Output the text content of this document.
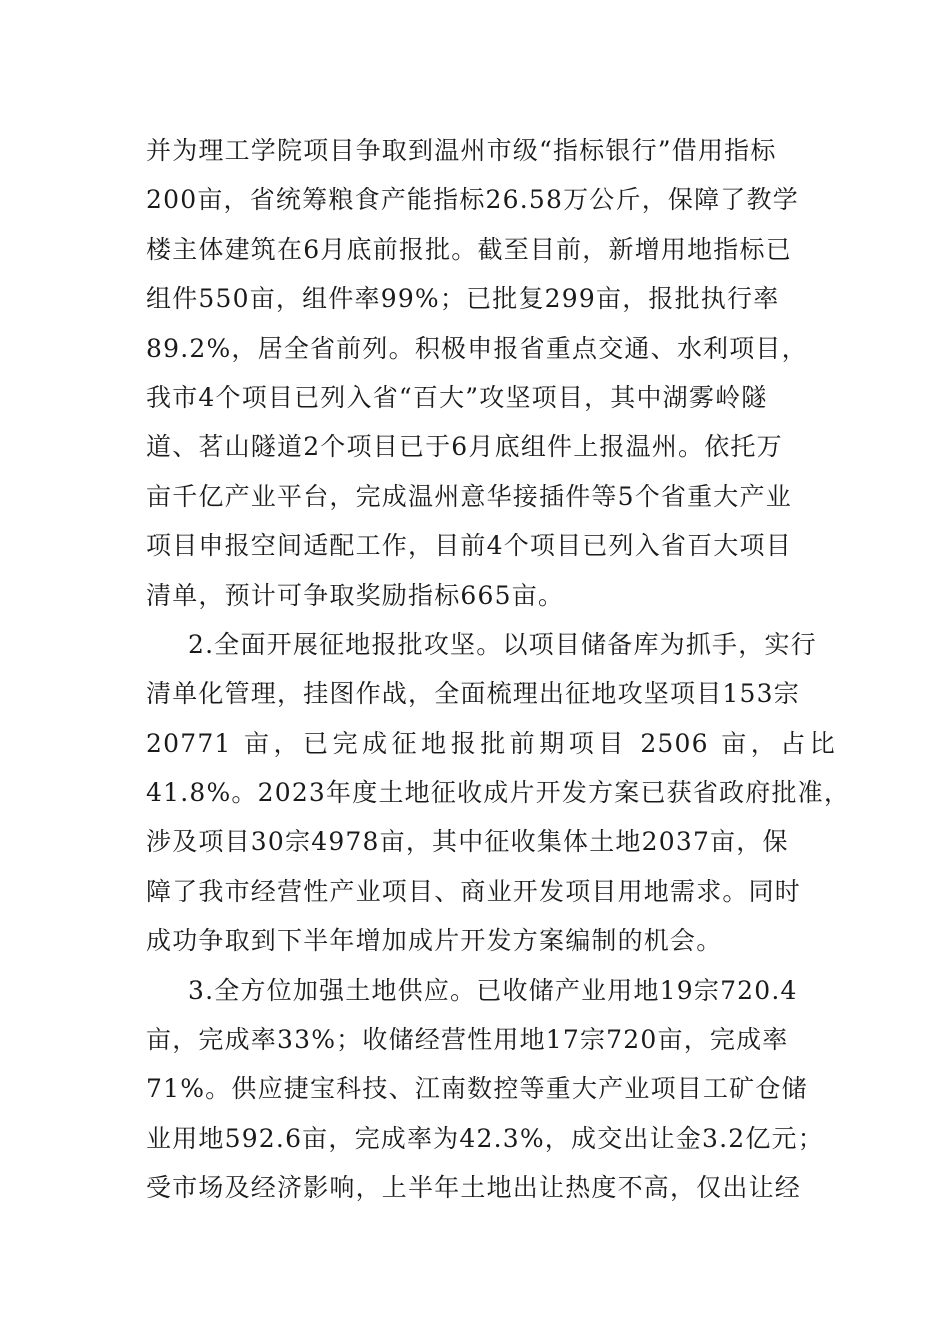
并为理工学院项目争取到温州市级“指标银行”借用指标
200亩，省统筹粮食产能指标26.58万公斤，保障了教学
楼主体建筑在6月底前报批。截至目前，新增用地指标已
组件550亩，组件率99%；已批复299亩，报批执行率
89.2%，居全省前列。积极申报省重点交通、水利项目，
我市4个项目已列入省“百大”攻坚项目，其中湖雾岭隧
道、茗山隧道2个项目已于6月底组件上报温州。依托万
亩千亿产业平台，完成温州意华接插件等5个省重大产业
项目申报空间适配工作，目前4个项目已列入省百大项目
清单，预计可争取奖励指标665亩。
2.全面开展征地报批攻坚。以项目储备库为抓手，实行
清单化管理，挂图作战，全面梳理出征地攻坚项目153宗
20771 亩，已完成征地报批前期项目 2506 亩，占比
41.8%。2023年度土地征收成片开发方案已获省政府批准，
涉及项目30宗4978亩，其中征收集体土地2037亩，保
障了我市经营性产业项目、商业开发项目用地需求。同时
成功争取到下半年增加成片开发方案编制的机会。
3.全方位加强土地供应。已收储产业用地19宗720.4
亩，完成率33%；收储经营性用地17宗720亩，完成率
71%。供应捷宝科技、江南数控等重大产业项目工矿仓储
业用地592.6亩，完成率为42.3%，成交出让金3.2亿元；
受市场及经济影响，上半年土地出让热度不高，仅出让经
